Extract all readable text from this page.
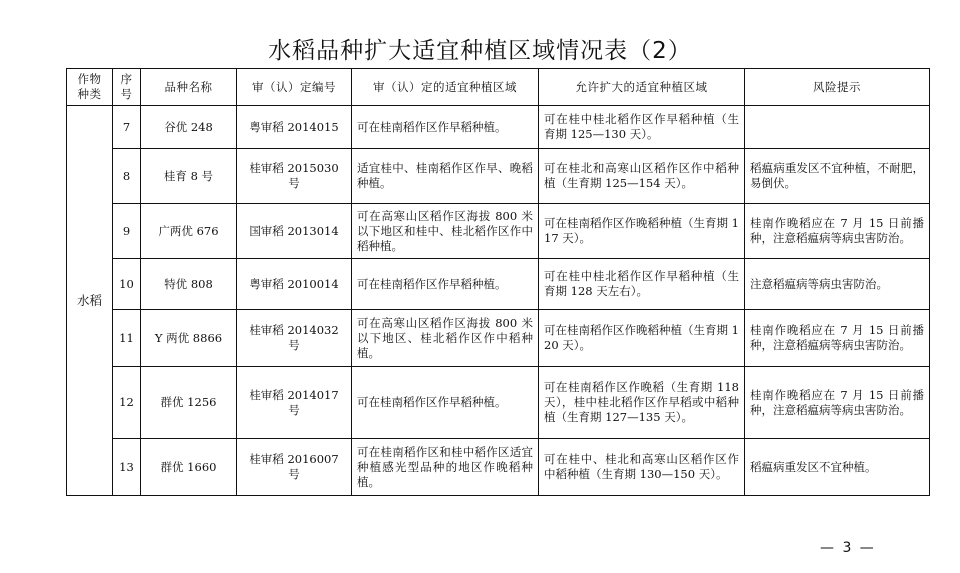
水稻品种扩大适宜种植区域情况表（2）
作物种类	序号	品种名称	审（认）定编号	审（认）定的适宜种植区域	允许扩大的适宜种植区域	风险提示
水稻	7	谷优 248	粤审稻 2014015	可在桂南稻作区作早稻种植。	可在桂中桂北稻作区作早稻种植（生育期 125—130 天）。	
	8	桂育 8 号	桂审稻 2015030 号	适宜桂中、桂南稻作区作早、晚稻种植。	可在桂北和高寒山区稻作区作中稻种植（生育期 125—154 天）。	稻瘟病重发区不宜种植，不耐肥，易倒伏。
	9	广两优 676	国审稻 2013014	可在高寒山区稻作区海拔 800 米以下地区和桂中、桂北稻作区作中稻种植。	可在桂南稻作区作晚稻种植（生育期 117 天）。	桂南作晚稻应在 7 月 15 日前播种，注意稻瘟病等病虫害防治。
	10	特优 808	粤审稻 2010014	可在桂南稻作区作早稻种植。	可在桂中桂北稻作区作早稻种植（生育期 128 天左右）。	注意稻瘟病等病虫害防治。
	11	Y 两优 8866	桂审稻 2014032 号	可在高寒山区稻作区海拔 800 米以下地区、桂北稻作区作中稻种植。	可在桂南稻作区作晚稻种植（生育期 120 天）。	桂南作晚稻应在 7 月 15 日前播种，注意稻瘟病等病虫害防治。
	12	群优 1256	桂审稻 2014017 号	可在桂南稻作区作早稻种植。	可在桂南稻作区作晚稻（生育期 118 天），桂中桂北稻作区作早稻或中稻种植（生育期 127—135 天）。	桂南作晚稻应在 7 月 15 日前播种，注意稻瘟病等病虫害防治。
	13	群优 1660	桂审稻 2016007 号	可在桂南稻作区和桂中稻作区适宜种植感光型品种的地区作晚稻种植。	可在桂中、桂北和高寒山区稻作区作中稻种植（生育期 130—150 天）。	稻瘟病重发区不宜种植。
— 3 —
